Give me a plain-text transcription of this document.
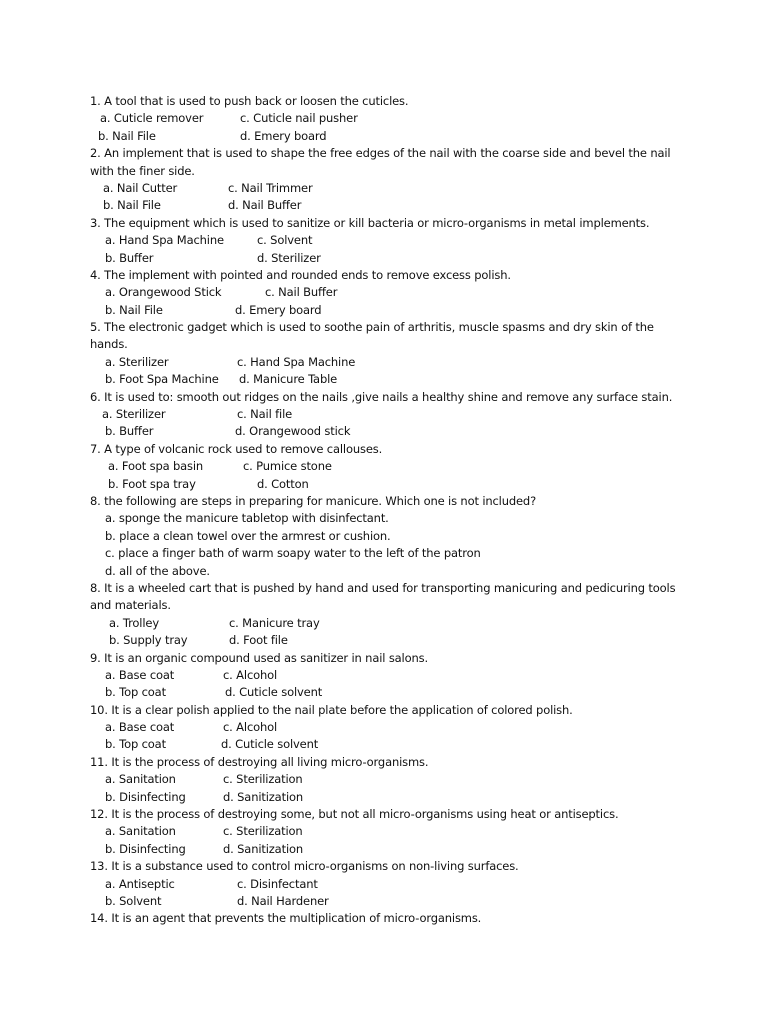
1. A tool that is used to push back or loosen the cuticles.
a. Cuticle remover	c. Cuticle nail pusher
b. Nail File	d. Emery board
2. An implement that is used to shape the free edges of the nail with the coarse side and bevel the nail
with the finer side.
a. Nail Cutter	c. Nail Trimmer
b. Nail File	d. Nail Buffer
3. The equipment which is used to sanitize or kill bacteria or micro-organisms in metal implements.
a. Hand Spa Machine	c. Solvent
b. Buffer	d. Sterilizer
4. The implement with pointed and rounded ends to remove excess polish.
a. Orangewood Stick	c. Nail Buffer
b. Nail File	d. Emery board
5. The electronic gadget which is used to soothe pain of arthritis, muscle spasms and dry skin of the
hands.
a. Sterilizer	c. Hand Spa Machine
b. Foot Spa Machine d. Manicure Table
6. It is used to: smooth out ridges on the nails ,give nails a healthy shine and remove any surface stain.
a. Sterilizer	c. Nail file
b. Buffer	d. Orangewood stick
7. A type of volcanic rock used to remove callouses.
a. Foot spa basin	c. Pumice stone
b. Foot spa tray	d. Cotton
8. the following are steps in preparing for manicure. Which one is not included?
a. sponge the manicure tabletop with disinfectant.
b. place a clean towel over the armrest or cushion.
c. place a finger bath of warm soapy water to the left of the patron
d. all of the above.
8. It is a wheeled cart that is pushed by hand and used for transporting manicuring and pedicuring tools
and materials.
a. Trolley	c. Manicure tray
b. Supply tray	d. Foot file
9. It is an organic compound used as sanitizer in nail salons.
a. Base coat	c. Alcohol
b. Top coat	d. Cuticle solvent
10. It is a clear polish applied to the nail plate before the application of colored polish.
a. Base coat	c. Alcohol
b. Top coat	d. Cuticle solvent
11. It is the process of destroying all living micro-organisms.
a. Sanitation	c. Sterilization
b. Disinfecting	d. Sanitization
12. It is the process of destroying some, but not all micro-organisms using heat or antiseptics.
a. Sanitation	c. Sterilization
b. Disinfecting	d. Sanitization
13. It is a substance used to control micro-organisms on non-living surfaces.
a. Antiseptic	c. Disinfectant
b. Solvent	d. Nail Hardener
14. It is an agent that prevents the multiplication of micro-organisms.
